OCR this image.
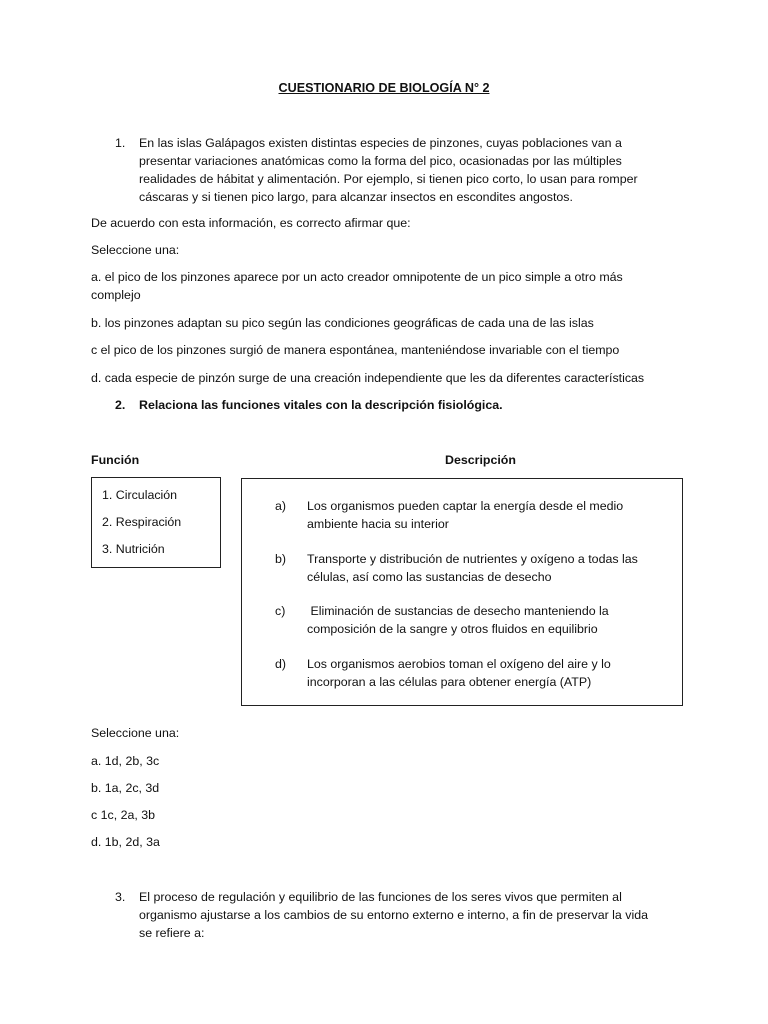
CUESTIONARIO DE BIOLOGÍA N° 2
1.	En las islas Galápagos existen distintas especies de pinzones, cuyas poblaciones van a
presentar variaciones anatómicas como la forma del pico, ocasionadas por las múltiples
realidades de hábitat y alimentación. Por ejemplo, si tienen pico corto, lo usan para romper
cáscaras y si tienen pico largo, para alcanzar insectos en escondites angostos.
De acuerdo con esta información, es correcto afirmar que:
Seleccione una:
a. el pico de los pinzones aparece por un acto creador omnipotente de un pico simple a otro más
complejo
b. los pinzones adaptan su pico según las condiciones geográficas de cada una de las islas
c el pico de los pinzones surgió de manera espontánea, manteniéndose invariable con el tiempo
d. cada especie de pinzón surge de una creación independiente que les da diferentes características
2.	Relaciona las funciones vitales con la descripción fisiológica.
Función	Descripción
1. Circulación
2. Respiración
3. Nutrición
a)	Los organismos pueden captar la energía desde el medio
ambiente hacia su interior
b)	Transporte y distribución de nutrientes y oxígeno a todas las
células, así como las sustancias de desecho
c)	Eliminación de sustancias de desecho manteniendo la
composición de la sangre y otros fluidos en equilibrio
d)	Los organismos aerobios toman el oxígeno del aire y lo
incorporan a las células para obtener energía (ATP)
Seleccione una:
a. 1d, 2b, 3c
b. 1a, 2c, 3d
c 1c, 2a, 3b
d. 1b, 2d, 3a
3.	El proceso de regulación y equilibrio de las funciones de los seres vivos que permiten al
organismo ajustarse a los cambios de su entorno externo e interno, a fin de preservar la vida
se refiere a:
